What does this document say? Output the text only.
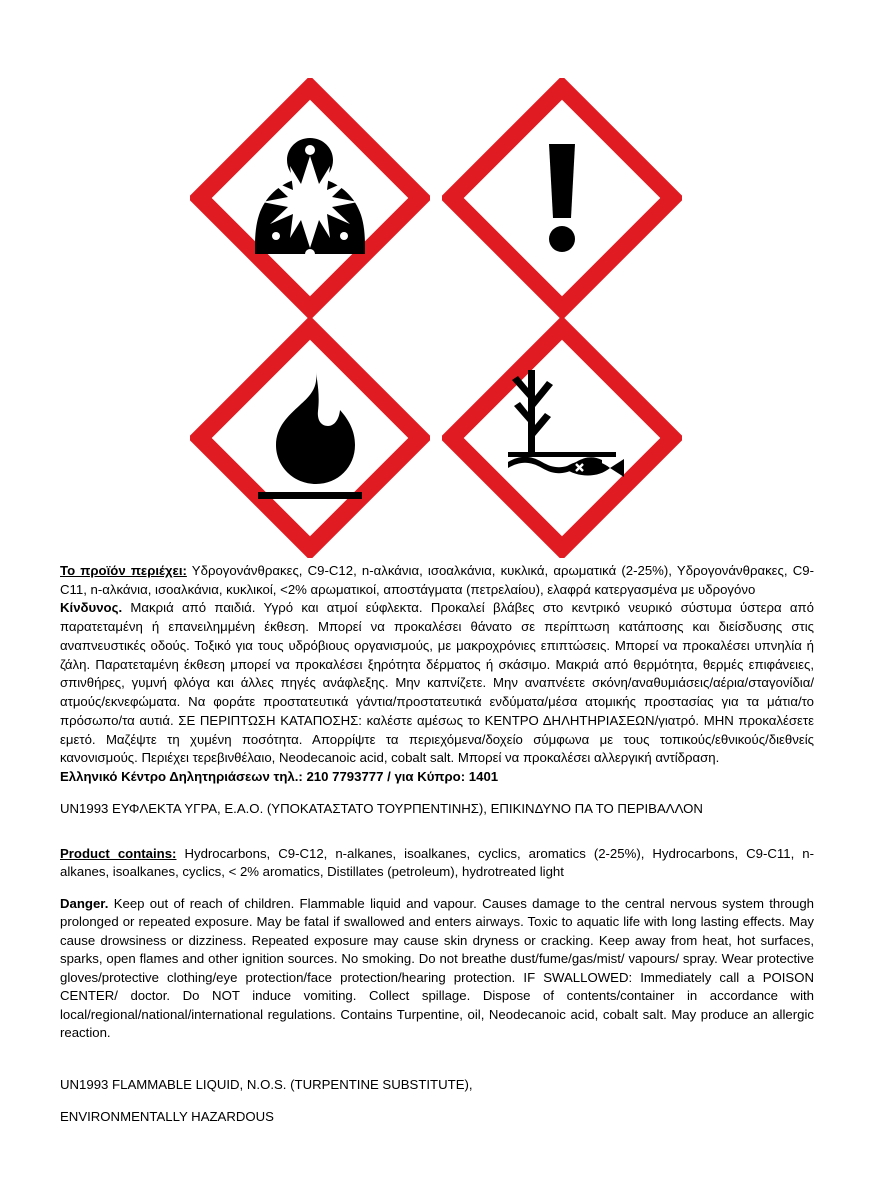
Το προϊόν περιέχει: Υδρογονάνθρακες, C9-C12, n-αλκάνια, ισοαλκάνια, κυκλικά, αρωματικά (2-25%), Υδρογονάνθρακες, C9-C11, n-αλκάνια, ισοαλκάνια, κυκλικοί, <2% αρωματικοί, αποστάγματα (πετρελαίου), ελαφρά κατεργασμένα με υδρογόνο

Κίνδυνος. Μακριά από παιδιά. Υγρό και ατμοί εύφλεκτα. Προκαλεί βλάβες στο κεντρικό νευρικό σύστυμα ύστερα από παρατεταμένη ή επανειλημμένη έκθεση. Μπορεί να προκαλέσει θάνατο σε περίπτωση κατάποσης και διείσδυσης στις αναπνευστικές οδούς. Τοξικό για τους υδρόβιους οργανισμούς, με μακροχρόνιες επιπτώσεις. Μπορεί να προκαλέσει υπνηλία ή ζάλη. Παρατεταμένη έκθεση μπορεί να προκαλέσει ξηρότητα δέρματος ή σκάσιμο. Μακριά από θερμότητα, θερμές επιφάνειες, σπινθήρες, γυμνή φλόγα και άλλες πηγές ανάφλεξης. Μην καπνίζετε. Μην αναπνέετε σκόνη/αναθυμιάσεις/αέρια/σταγονίδια/ατμούς/εκνεφώματα. Να φοράτε προστατευτικά γάντια/προστατευτικά ενδύματα/μέσα ατομικής προστασίας για τα μάτια/το πρόσωπο/τα αυτιά. ΣΕ ΠΕΡΙΠΤΩΣΗ ΚΑΤΑΠΟΣΗΣ: καλέστε αμέσως το ΚΕΝΤΡΟ ΔΗΛΗΤΗΡΙΑΣΕΩΝ/γιατρό. ΜΗΝ προκαλέσετε εμετό. Μαζέψτε τη χυμένη ποσότητα. Απορρίψτε τα περιεχόμενα/δοχείο σύμφωνα με τους τοπικούς/εθνικούς/διεθνείς κανονισμούς. Περιέχει τερεβινθέλαιο, Neodecanoic acid, cobalt salt. Μπορεί να προκαλέσει αλλεργική αντίδραση.

Ελληνικό Κέντρο Δηλητηριάσεων τηλ.: 210 7793777 / για Κύπρο: 1401

UN1993 ΕΥΦΛΕΚΤΑ ΥΓΡΑ, Ε.Α.Ο. (ΥΠΟΚΑΤΑΣΤΑΤΟ ΤΟΥΡΠΕΝΤΙΝΗΣ), ΕΠΙΚΙΝΔΥΝΟ ΠΑ ΤΟ ΠΕΡΙΒΑΛΛΟΝ

Product contains: Hydrocarbons, C9-C12, n-alkanes, isoalkanes, cyclics, aromatics (2-25%), Hydrocarbons, C9-C11, n-alkanes, isoalkanes, cyclics, < 2% aromatics, Distillates (petroleum), hydrotreated light

Danger. Keep out of reach of children. Flammable liquid and vapour. Causes damage to the central nervous system through prolonged or repeated exposure. May be fatal if swallowed and enters airways. Toxic to aquatic life with long lasting effects. May cause drowsiness or dizziness. Repeated exposure may cause skin dryness or cracking. Keep away from heat, hot surfaces, sparks, open flames and other ignition sources. No smoking. Do not breathe dust/fume/gas/mist/ vapours/ spray. Wear protective gloves/protective clothing/eye protection/face protection/hearing protection. IF SWALLOWED: Immediately call a POISON CENTER/ doctor. Do NOT induce vomiting. Collect spillage. Dispose of contents/container in accordance with local/regional/national/international regulations. Contains Turpentine, oil, Neodecanoic acid, cobalt salt. May produce an allergic reaction.

UN1993 FLAMMABLE LIQUID, N.O.S. (TURPENTINE SUBSTITUTE),

ENVIRONMENTALLY HAZARDOUS
